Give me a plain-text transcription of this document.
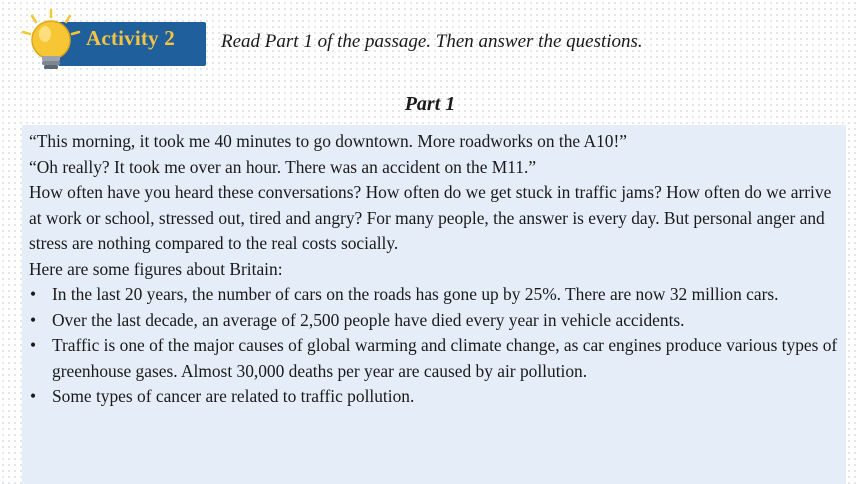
Activity 2 Read Part 1 of the passage. Then answer the questions.
Part 1

“This morning, it took me 40 minutes to go downtown. More roadworks on the A10!”

“Oh really? It took me over an hour. There was an accident on the M11.”

How often have you heard these conversations? How often do we get stuck in traffic jams? How often do we arrive at work or school, stressed out, tired and angry? For many people, the answer is every day. But personal anger and stress are nothing compared to the real costs socially.

Here are some figures about Britain:

• In the last 20 years, the number of cars on the roads has gone up by 25%. There are now 32 million cars.
• Over the last decade, an average of 2,500 people have died every year in vehicle accidents.
• Traffic is one of the major causes of global warming and climate change, as car engines produce various types of greenhouse gases. Almost 30,000 deaths per year are caused by air pollution.
• Some types of cancer are related to traffic pollution.
